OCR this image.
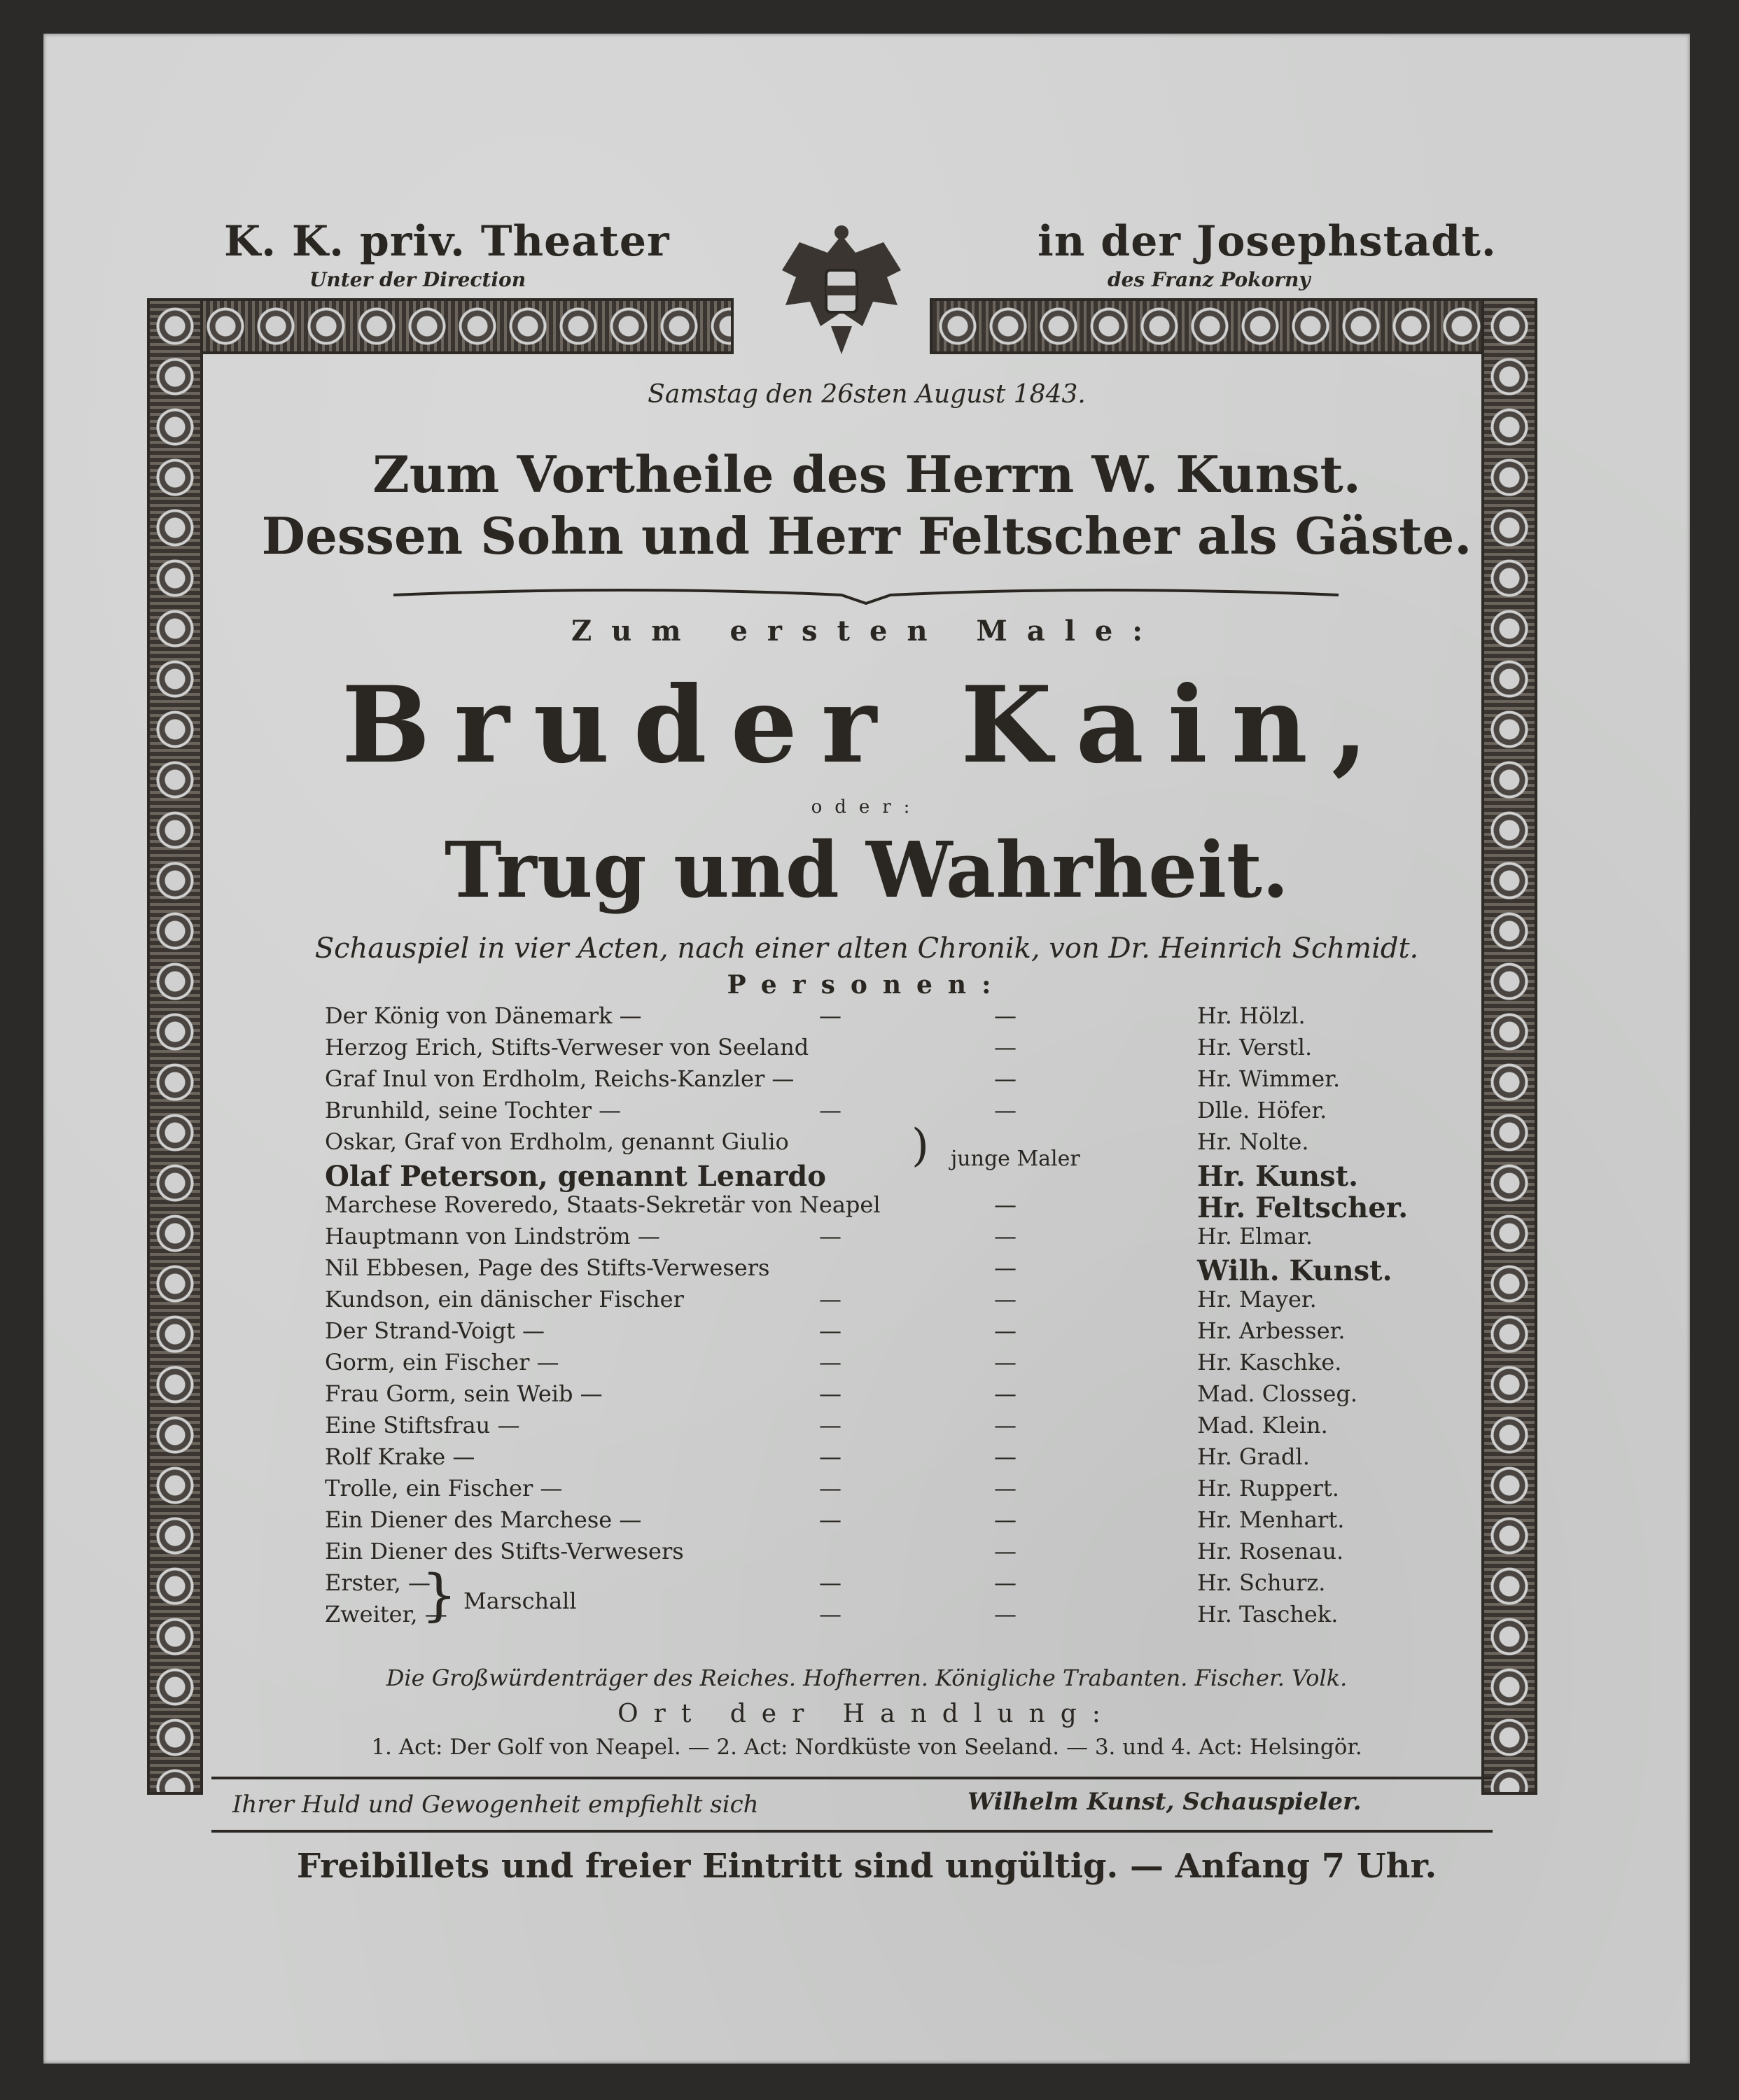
K. K. priv. Theater
Unter der Direction
in der Josephstadt.
des Franz Pokorny
Samstag den 26sten August 1843.
Zum Vortheile des Herrn W. Kunst.
Dessen Sohn und Herr Feltscher als Gäste.
Zum ersten Male:
Bruder Kain,
oder:
Trug und Wahrheit.
Schauspiel in vier Acten, nach einer alten Chronik, von Dr. Heinrich Schmidt.
Personen:
Der König von Dänemark —	—	—	Hr. Hölzl.
Herzog Erich, Stifts-Verweser von Seeland	—	Hr. Verstl.
Graf Inul von Erdholm, Reichs-Kanzler —	—	Hr. Wimmer.
Brunhild, seine Tochter —	—	—	Dlle. Höfer.
Oskar, Graf von Erdholm, genannt Giulio	Hr. Nolte.
Olaf Peterson, genannt Lenardo	Hr. Kunst.
) junge Maler
Marchese Roveredo, Staats-Sekretär von Neapel	—	Hr. Feltscher.
Hauptmann von Lindström —	—	—	Hr. Elmar.
Nil Ebbesen, Page des Stifts-Verwesers	—	Wilh. Kunst.
Kundson, ein dänischer Fischer	—	—	Hr. Mayer.
Der Strand-Voigt —	—	—	Hr. Arbesser.
Gorm, ein Fischer —	—	—	Hr. Kaschke.
Frau Gorm, sein Weib —	—	—	Mad. Closseg.
Eine Stiftsfrau —	—	—	Mad. Klein.
Rolf Krake —	—	—	Hr. Gradl.
Trolle, ein Fischer —	—	—	Hr. Ruppert.
Ein Diener des Marchese —	—	—	Hr. Menhart.
Ein Diener des Stifts-Verwesers	—	Hr. Rosenau.
Erster, —	—	—	Hr. Schurz.
Zweiter, —	—	—	Hr. Taschek.
} Marschall
Die Großwürdenträger des Reiches. Hofherren. Königliche Trabanten. Fischer. Volk.
Ort der Handlung:
1. Act: Der Golf von Neapel. — 2. Act: Nordküste von Seeland. — 3. und 4. Act: Helsingör.
Ihrer Huld und Gewogenheit empfiehlt sich	Wilhelm Kunst, Schauspieler.
Freibillets und freier Eintritt sind ungültig. — Anfang 7 Uhr.
